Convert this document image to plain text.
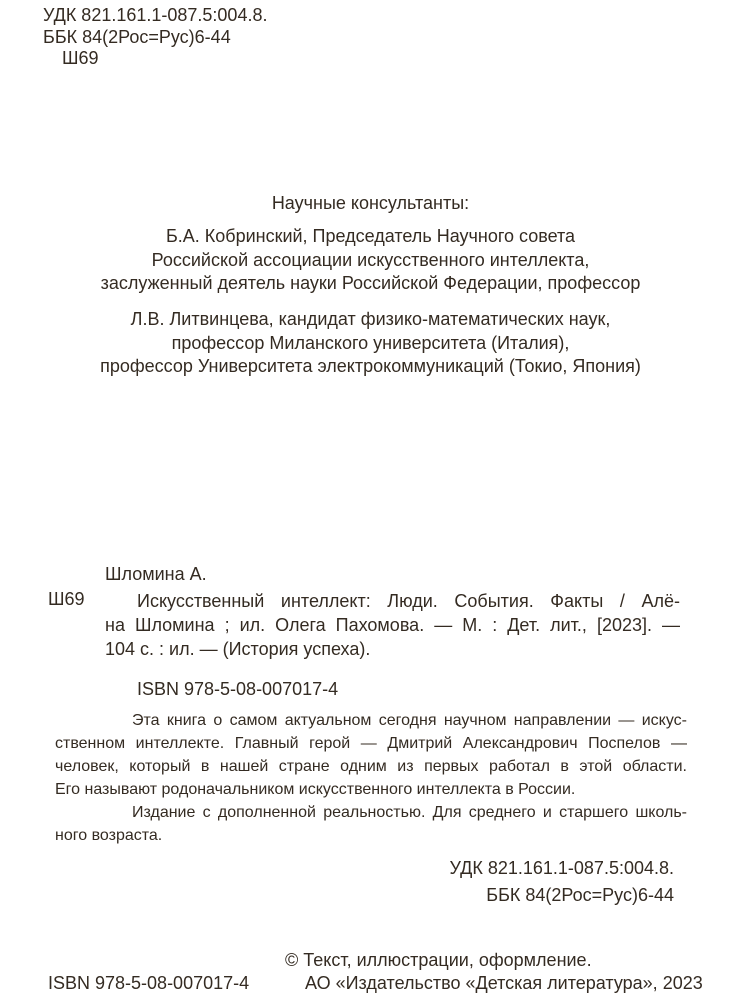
УДК 821.161.1-087.5:004.8.
ББК 84(2Рос=Рус)6-44
Ш69
Научные консультанты:
Б.А. Кобринский, Председатель Научного совета
Российской ассоциации искусственного интеллекта,
заслуженный деятель науки Российской Федерации, профессор
Л.В. Литвинцева, кандидат физико-математических наук,
профессор Миланского университета (Италия),
профессор Университета электрокоммуникаций (Токио, Япония)
Шломина А.
Ш69	Искусственный интеллект: Люди. События. Факты / Алё-
на Шломина ; ил. Олега Пахомова. — М. : Дет. лит., [2023]. —
104 с. : ил. — (История успеха).
ISBN 978-5-08-007017-4
Эта книга о самом актуальном сегодня научном направлении — искус-
ственном интеллекте. Главный герой — Дмитрий Александрович Поспелов —
человек, который в нашей стране одним из первых работал в этой области.
Его называют родоначальником искусственного интеллекта в России.
Издание с дополненной реальностью. Для среднего и старшего школь-
ного возраста.
УДК 821.161.1-087.5:004.8.
ББК 84(2Рос=Рус)6-44
ISBN 978-5-08-007017-4
© Текст, иллюстрации, оформление.
АО «Издательство «Детская литература», 2023
